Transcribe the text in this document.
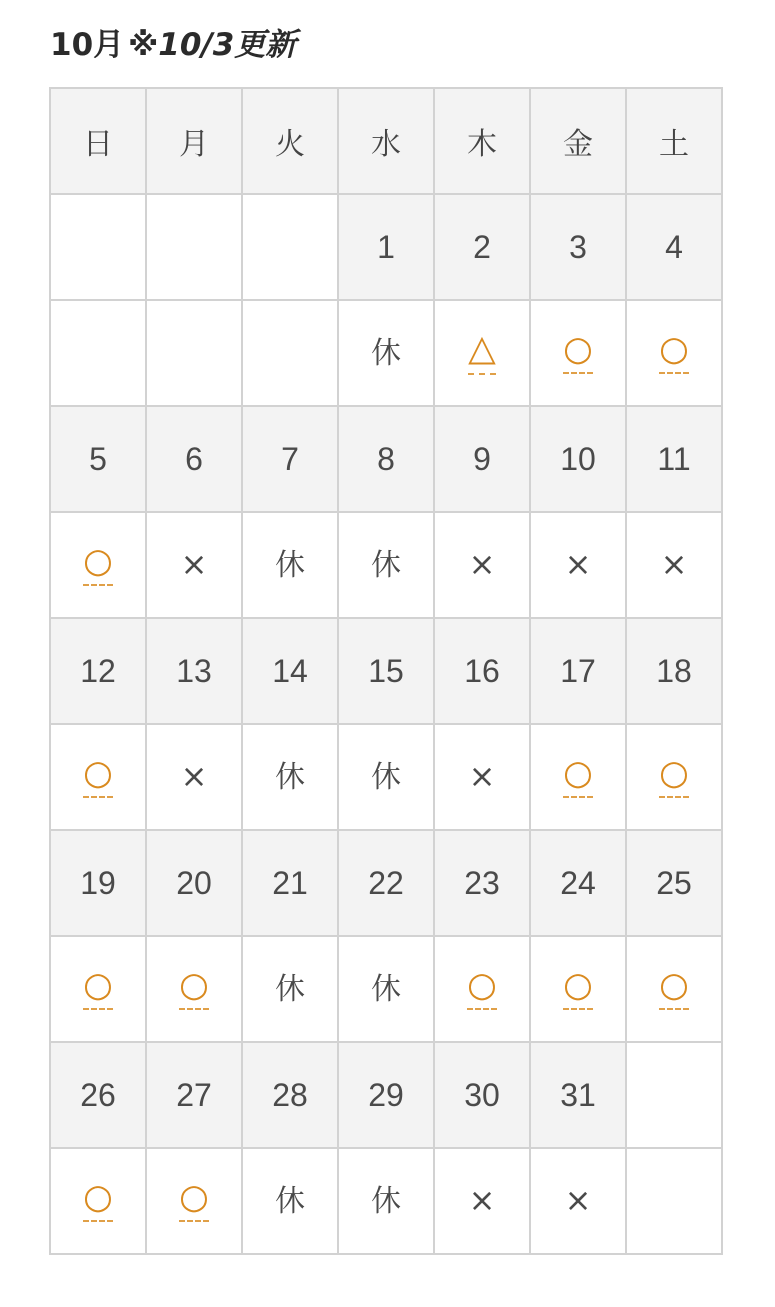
10月 ※10/3更新
日	月	火	水	木	金	土
			1	2	3	4
			休	△	○	○
5	6	7	8	9	10	11
○	×	休	休	×	×	×
12	13	14	15	16	17	18
○	×	休	休	×	○	○
19	20	21	22	23	24	25
○	○	休	休	○	○	○
26	27	28	29	30	31	
○	○	休	休	×	×	
